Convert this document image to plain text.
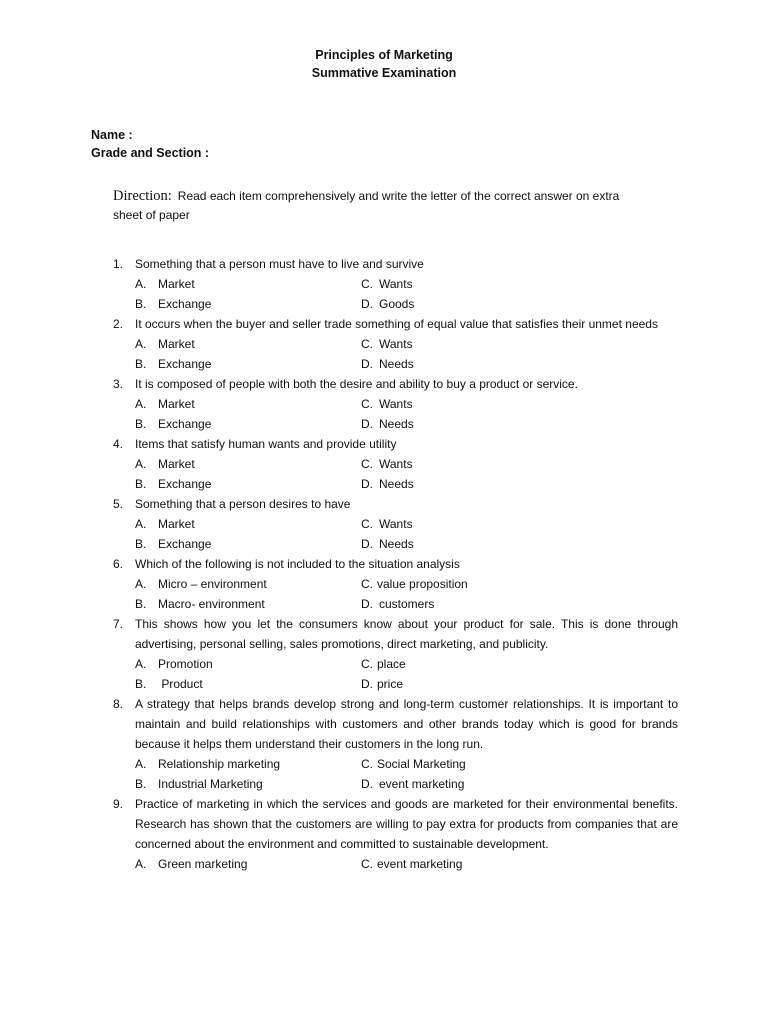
Principles of Marketing
Summative Examination
Name :
Grade and Section :
Direction: Read each item comprehensively and write the letter of the correct answer on extra sheet of paper
1. Something that a person must have to live and survive
A. Market	C. Wants
B. Exchange	D. Goods
2. It occurs when the buyer and seller trade something of equal value that satisfies their unmet needs
A. Market	C. Wants
B. Exchange	D. Needs
3. It is composed of people with both the desire and ability to buy a product or service.
A. Market	C. Wants
B. Exchange	D. Needs
4. Items that satisfy human wants and provide utility
A. Market	C. Wants
B. Exchange	D. Needs
5. Something that a person desires to have
A. Market	C. Wants
B. Exchange	D. Needs
6. Which of the following is not included to the situation analysis
A. Micro – environment	C. value proposition
B. Macro- environment	D. customers
7. This shows how you let the consumers know about your product for sale. This is done through advertising, personal selling, sales promotions, direct marketing, and publicity.
A. Promotion	C. place
B. Product	D. price
8. A strategy that helps brands develop strong and long-term customer relationships. It is important to maintain and build relationships with customers and other brands today which is good for brands because it helps them understand their customers in the long run.
A. Relationship marketing	C. Social Marketing
B. Industrial Marketing	D. event marketing
9. Practice of marketing in which the services and goods are marketed for their environmental benefits. Research has shown that the customers are willing to pay extra for products from companies that are concerned about the environment and committed to sustainable development.
A. Green marketing	C. event marketing
